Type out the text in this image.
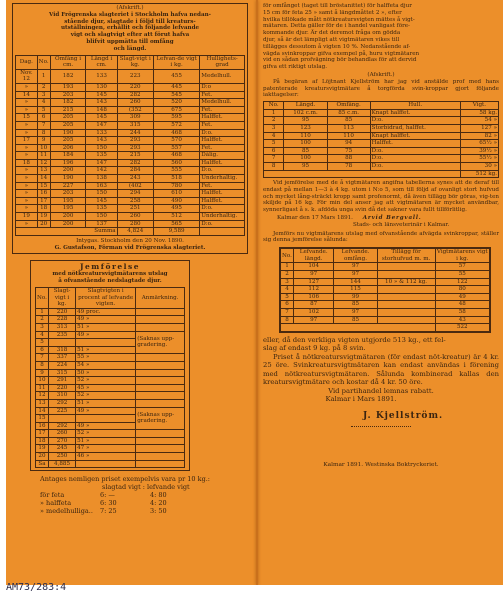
(Afskrift.)
Vid Frögrenska slagteriet i Stockholm hafva nedan-
stående djur, slagtade i följd till kreaturs-
utställningen, erhållit och följande lefvande
vigt och slagtvigt efter att förut hafva
blifvit uppmätta till omfång
och längd.
Dag.	No.	Omfång i cm.	Längd i cm.	Slagt-vigt i kg.	Lefvan-de vigt i kg.	Hullighets-grad
Nov. 12	1	182	133	223	455	Medelhull.
»	2	193	130	220	445	D:o
14	3	203	145	282	545	Fet.
»	4	182	143	260	520	Medelhull.
»	5	215	148	(352	675	Fet.
15	6	205	145	309	595	Halffet.
»	7	205	147	315	572	Fet.
»	8	190	133	244	468	D:o.
17	9	205	143	293	570	Halffet.
»	10	206	150	293	557	Fet.
»	11	184	135	215	468	Dålig.
18	12	196	147	282	560	Halffet.
»	13	200	142	284	555	D:o.
»	14	190	138	243	518	Underhaltig.
»	15	227	163	(402	780	Fet.
»	16	203	150	294	610	Halffet.
»	17	195	145	258	490	Halffet.
»	18	195	135	251	495	D:o.
19	19	200	150	260	512	Underhaltig.
»	20	200	137	280	565	D:o.
Summa				4,824	9,589	
Intygas. Stockholm den 20 Nov. 1890.
G. Gustafson, Förman vid Frögrenska slagteriet.
Jemförelse
med nötkreatursvigtmätarens utslag
å ofvanstående nedslagtade djur.
No.	Slagt-vigt i kg.	Slagtvigten i procent af lefvande vigten.	Anmärkning.
1	220	49 proc.	
2	228	49 »	
3	313	51 »	
4	235	49 »	(Saknas upp-gradering.
5			
6	318	51 »	
7	337	55 »	
8	224	54 »	
9	315	50 »	
10	291	52 »	
11	220	45 »	
12	310	52 »	
13	292	51 »	
14	225	49 »	(Saknas upp-gradering.
15			
16	292	49 »	
17	260	52 »	
18	270	51 »	
19	245	47 »	
20	250	46 »	
Sa	4,885		
Antages nemligen priset exempelvis vara pr 10 kg.:
slagtad vigt : lefvande vigt
för feta	6: —	4: 80
» halffeta	6: 30	4: 20
» medelhulliga..	7: 25	3: 50
för omfånget (taget till bröstanittet) för halffeta djur
15 cm för feta 25 » samt å längdmåttet 2 », efter
hvilka tillökade mått nötkreatursvigten mättes å vigt-
mätaren. Detta gäller för de i handel vanligast före-
kommande djur. Är det deremot fråga om gödda
djur, så är det lämpligt att vigtmätaren vikes till
tillägges dessutom å vigten 10 %. Nedanstående af-
vägda svinkroppar gifva exempel på, huru vigtmätaren
vid en sådan profvägning bör behandlas för att dervid
gifva ett riktigt utslag.
(Afskrift.)

På begäran af Löjtnant Kjellström har jag vid anstälde prof med hans patenterade kreatursvigtmätare å torgförda svin-kroppar gjort följande iakttagelser:

No.	Längd.	Omfång.	Hull.	Vigt.
1	102 c.m.	85 c.m.	Knapt halffet.	58 kg.
2	95	85	D:o.	54 »
3	123	113	Storbidrad, halffet.	127 »
4	110	110	Knapt halffet.	82 »
5	100	94	Halffet.	65½ »
6	85	75	D:o.	39½ »
7	100	88	D:o.	55½ »
8	95	78	D:o.	30 »
				512 kg.

Vid jemförelse med de å vigtmätaren angifna tabellerna synes att de deraf till endast på mellan 1—3 à 4 kg. utom i N:o 5, som till följd af ovanligt stort hufvud och mycket lång-sträckt kropp samt profenormt, då även tillägg bör göras, vig-ten skiljde på 16 kg. För min del anser jag att vigtmätaren är mycket användbar, synnerligast å s. k. afdöda unga svin då det sakner vara fullt tillförlitlig.

Kalmar den 17 Mars 1891. Arvid Bergvall.
Stads- och länsveterinär i Kalmar.

Jemförs nu vigtmätarens utslag med ofvanstående afvägda svinkroppar, ställer sig denna jemförelse sålunda:

No.	Lefvande. längd.	Lefvande. omfång.	Tillägg för storhufvud m. m.	Vigtmätarens vigt i kg.
1	104	97		57
2	97	97		55
3	127	144	10 » & 112 kg.	122
4	112	115		80
5	106	99		49
6	87	85		48
7	102	97		58
8	97	85		43
				522
eller, då den verkliga vigten utgjorde 513 kg., ett fel-
slag af endast 9 kg. på 8 svin.

Priset å nötkreatursvigtmätaren (för endast nöt-kreatur) är 4 kr. 25 öre. Svinkreatursvigtmätaren kan endast användas i förening med nötkreatursvigtmätaren. Sålunda kombinerad kallas den kreatursvigtmätare och kostar då 4 kr. 50 öre.

Vid partihandel lemnas rabatt.
Kalmar i Mars 1891.
J. Kjellström.
Kalmar 1891. Westinska Boktryckeriet.
AM73/283:4
